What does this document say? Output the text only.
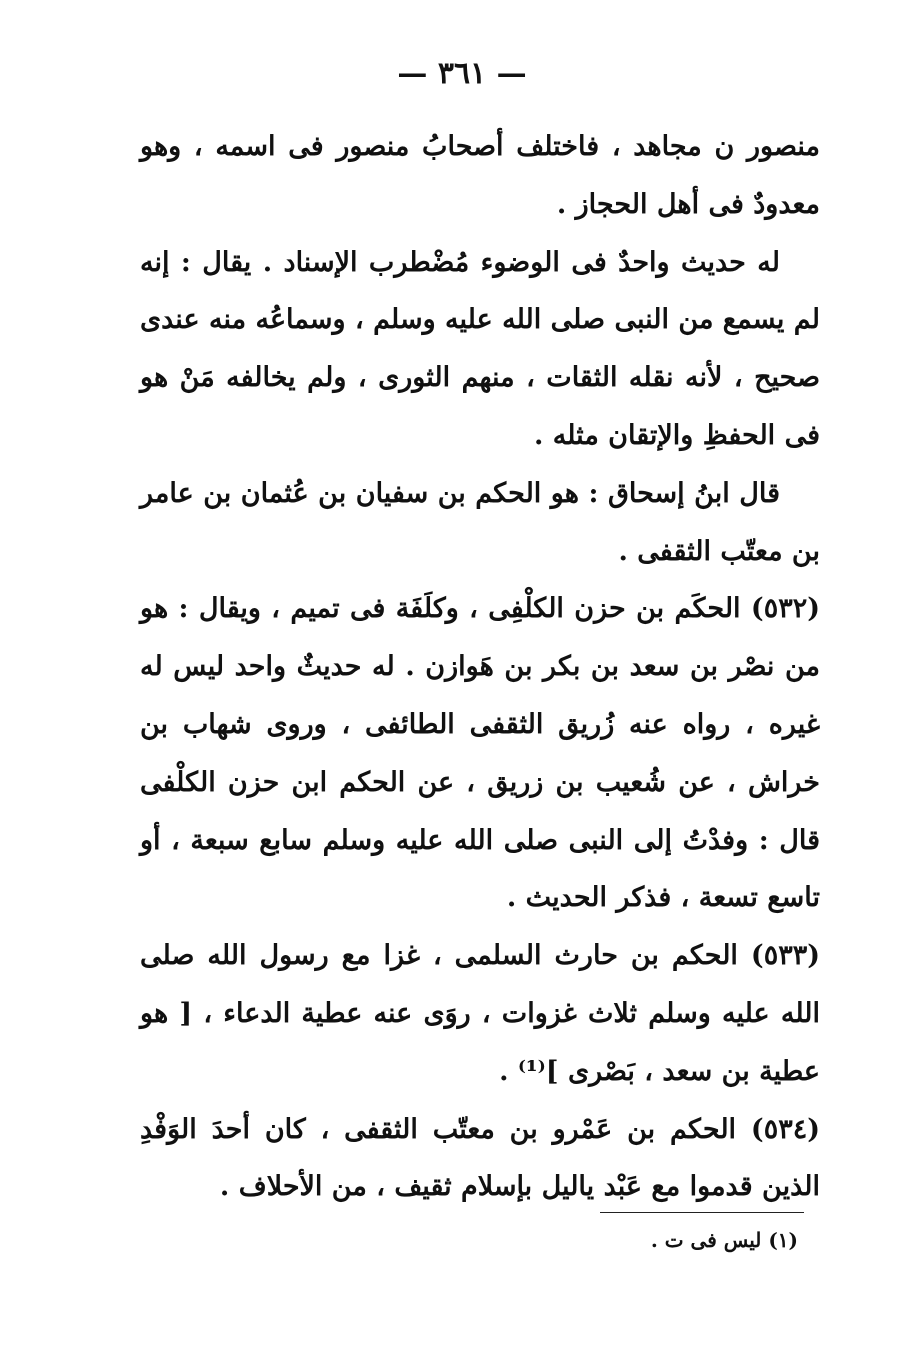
— ٣٦١ —

منصور ن مجاهد ، فاختلف أصحابُ منصور فى اسمه ، وهو معدودٌ فى أهل الحجاز .

له حديث واحدٌ فى الوضوء مُضْطرب الإسناد . يقال : إنه لم يسمع من النبى صلى الله عليه وسلم ، وسماعُه منه عندى صحيح ، لأنه نقله الثقات ، منهم الثورى ، ولم يخالفه مَنْ هو فى الحفظِ والإتقان مثله .

قال ابنُ إسحاق : هو الحكم بن سفيان بن عُثمان بن عامر بن معتّب الثقفى .

(٥٣٢) الحكَم بن حزن الكلْفِى ، وكلَفَة فى تميم ، ويقال : هو من نصْر بن سعد بن بكر بن هَوازن . له حديثٌ واحد ليس له غيره ، رواه عنه زُريق الثقفى الطائفى ، وروى شهاب بن خراش ، عن شُعيب بن زريق ، عن الحكم ابن حزن الكلْفى قال : وفدْتُ إلى النبى صلى الله عليه وسلم سابع سبعة ، أو تاسع تسعة ، فذكر الحديث .

(٥٣٣) الحكم بن حارث السلمى ، غزا مع رسول الله صلى الله عليه وسلم ثلاث غزوات ، روَى عنه عطية الدعاء ، [ هو عطية بن سعد ، بَصْرى ]⁽¹⁾ .

(٥٣٤) الحكم بن عَمْرو بن معتّب الثقفى ، كان أحدَ الوَفْدِ الذين قدموا مع عَبْد ياليل بإسلام ثقيف ، من الأحلاف .

(١) ليس فى ت .
